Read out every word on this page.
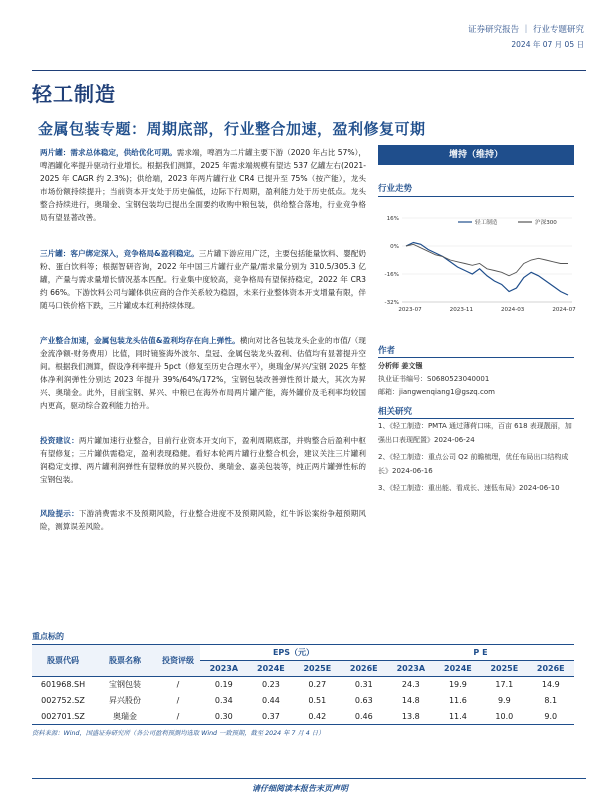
证券研究报告 ｜ 行业专题研究
2024 年 07 月 05 日
轻工制造
金属包装专题：周期底部，行业整合加速，盈利修复可期
两片罐：需求总体稳定，供给优化可期。需求端，啤酒为二片罐主要下游（2020 年占比 57%），啤酒罐化率提升驱动行业增长。根据我们测算，2025 年需求端规模有望达 537 亿罐左右(2021-2025 年 CAGR 约 2.3%)；供给端，2023 年两片罐行业 CR4 已提升至 75%（按产能），龙头市场份额持续提升；当前资本开支处于历史偏低，边际下行周期，盈利能力处于历史低点。龙头整合持续进行，奥瑞金、宝钢包装均已提出全面要约收购中粮包装，供给整合落地，行业竞争格局有望显著改善。
三片罐：客户绑定深入，竞争格局&盈利稳定。三片罐下游应用广泛，主要包括能量饮料、婴配奶粉、蛋白饮料等；根据智研咨询，2022 年中国三片罐行业产量/需求量分别为 310.5/305.3 亿罐，产量与需求量增长情况基本匹配。行业集中度较高，竞争格局有望保持稳定，2022 年 CR3 约 66%。下游饮料公司与罐体供应商的合作关系较为稳固，未来行业整体资本开支增量有限，伴随马口铁价格下跌，三片罐成本红利持续体现。
产业整合加速，金属包装龙头估值&盈利均存在向上弹性。横向对比各包装龙头企业的市值/（现金流净额-财务费用）比值，同时镜鉴海外波尔、皇冠、金属包装龙头盈利、估值均有显著提升空间。根据我们测算，假设净利率提升 5pct（修复至历史合理水平），奥瑞金/昇兴/宝钢 2025 年整体净利润弹性分别达 2023 年提升 39%/64%/172%，宝钢包装改善弹性预计最大，其次为昇兴、奥瑞金。此外，目前宝钢、昇兴、中粮已在海外布局两片罐产能，海外罐价及毛利率均较国内更高，驱动综合盈利能力抬升。
投资建议：两片罐加速行业整合，目前行业资本开支向下，盈利周期底部，并购整合后盈利中枢有望修复；三片罐供需稳定，盈利表现稳健。看好本轮两片罐行业整合机会，建议关注三片罐利润稳定支撑、两片罐利润弹性有望释放的昇兴股份、奥瑞金、嘉美包装等，纯正两片罐弹性标的宝钢包装。
风险提示：下游消费需求不及预期风险，行业整合进度不及预期风险，红牛诉讼案纷争超预期风险，测算误差风险。
增持（维持）
行业走势
16%
0%
-16%
-32%
2023-07	2023-11	2024-03	2024-07
轻工制造	沪深300
作者
分析师 姜文镪
执业证书编号：S0680523040001
邮箱：jiangwenqiang1@gszq.com
相关研究
1、《轻工制造：PMTA 通过薄荷口味，百亩 618 表现靓丽，加强出口表现配置》2024-06-24
2、《轻工制造：重点公司 Q2 前瞻梳理，优任布局出口结构成长》2024-06-16
3、《轻工制造：重出能、看成长、速低布局》2024-06-10
重点标的
股票代码	股票名称	投资评级	EPS（元）				P E			
			2023A	2024E	2025E	2026E	2023A	2024E	2025E	2026E
601968.SH	宝钢包装	/	0.19	0.23	0.27	0.31	24.3	19.9	17.1	14.9
002752.SZ	昇兴股份	/	0.34	0.44	0.51	0.63	14.8	11.6	9.9	8.1
002701.SZ	奥瑞金	/	0.30	0.37	0.42	0.46	13.8	11.4	10.0	9.0
资料来源：Wind，国盛证券研究所（各公司盈利预测均选取 Wind 一致预期，截至 2024 年 7 月 4 日）
请仔细阅读本报告末页声明
